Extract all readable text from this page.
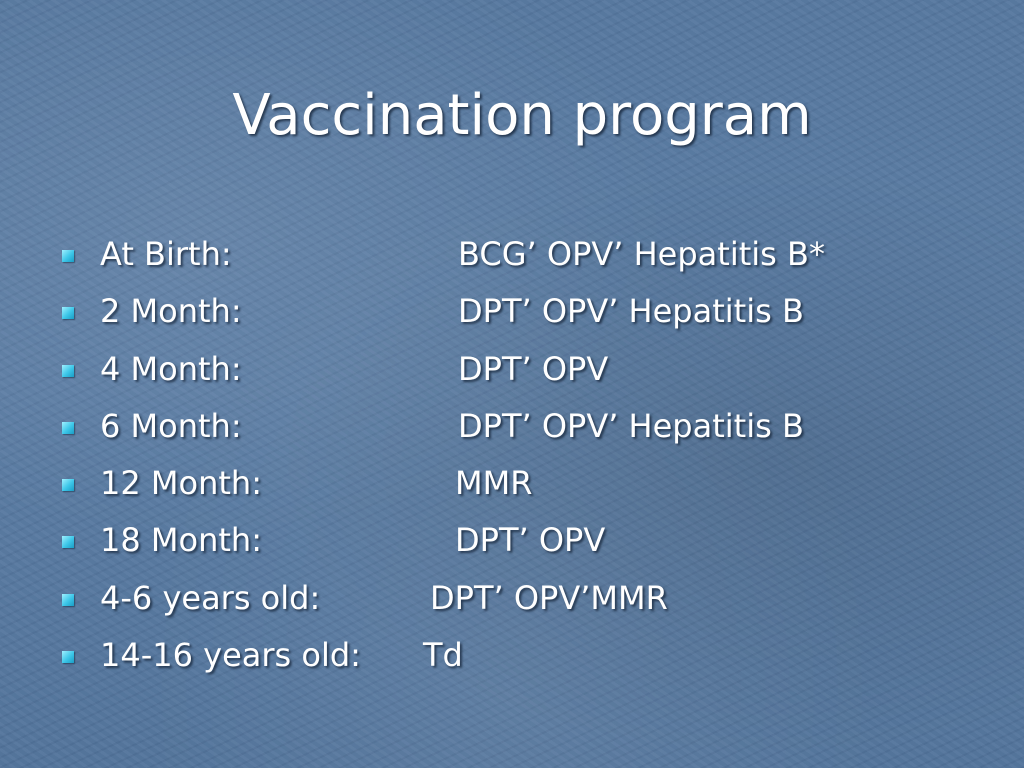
Vaccination program
At Birth:	BCG’ OPV’ Hepatitis B*
2 Month:	DPT’ OPV’ Hepatitis B
4 Month:	DPT’ OPV
6 Month:	DPT’ OPV’ Hepatitis B
12 Month:	MMR
18 Month:	DPT’ OPV
4-6 years old:	DPT’ OPV’MMR
14-16 years old: Td
